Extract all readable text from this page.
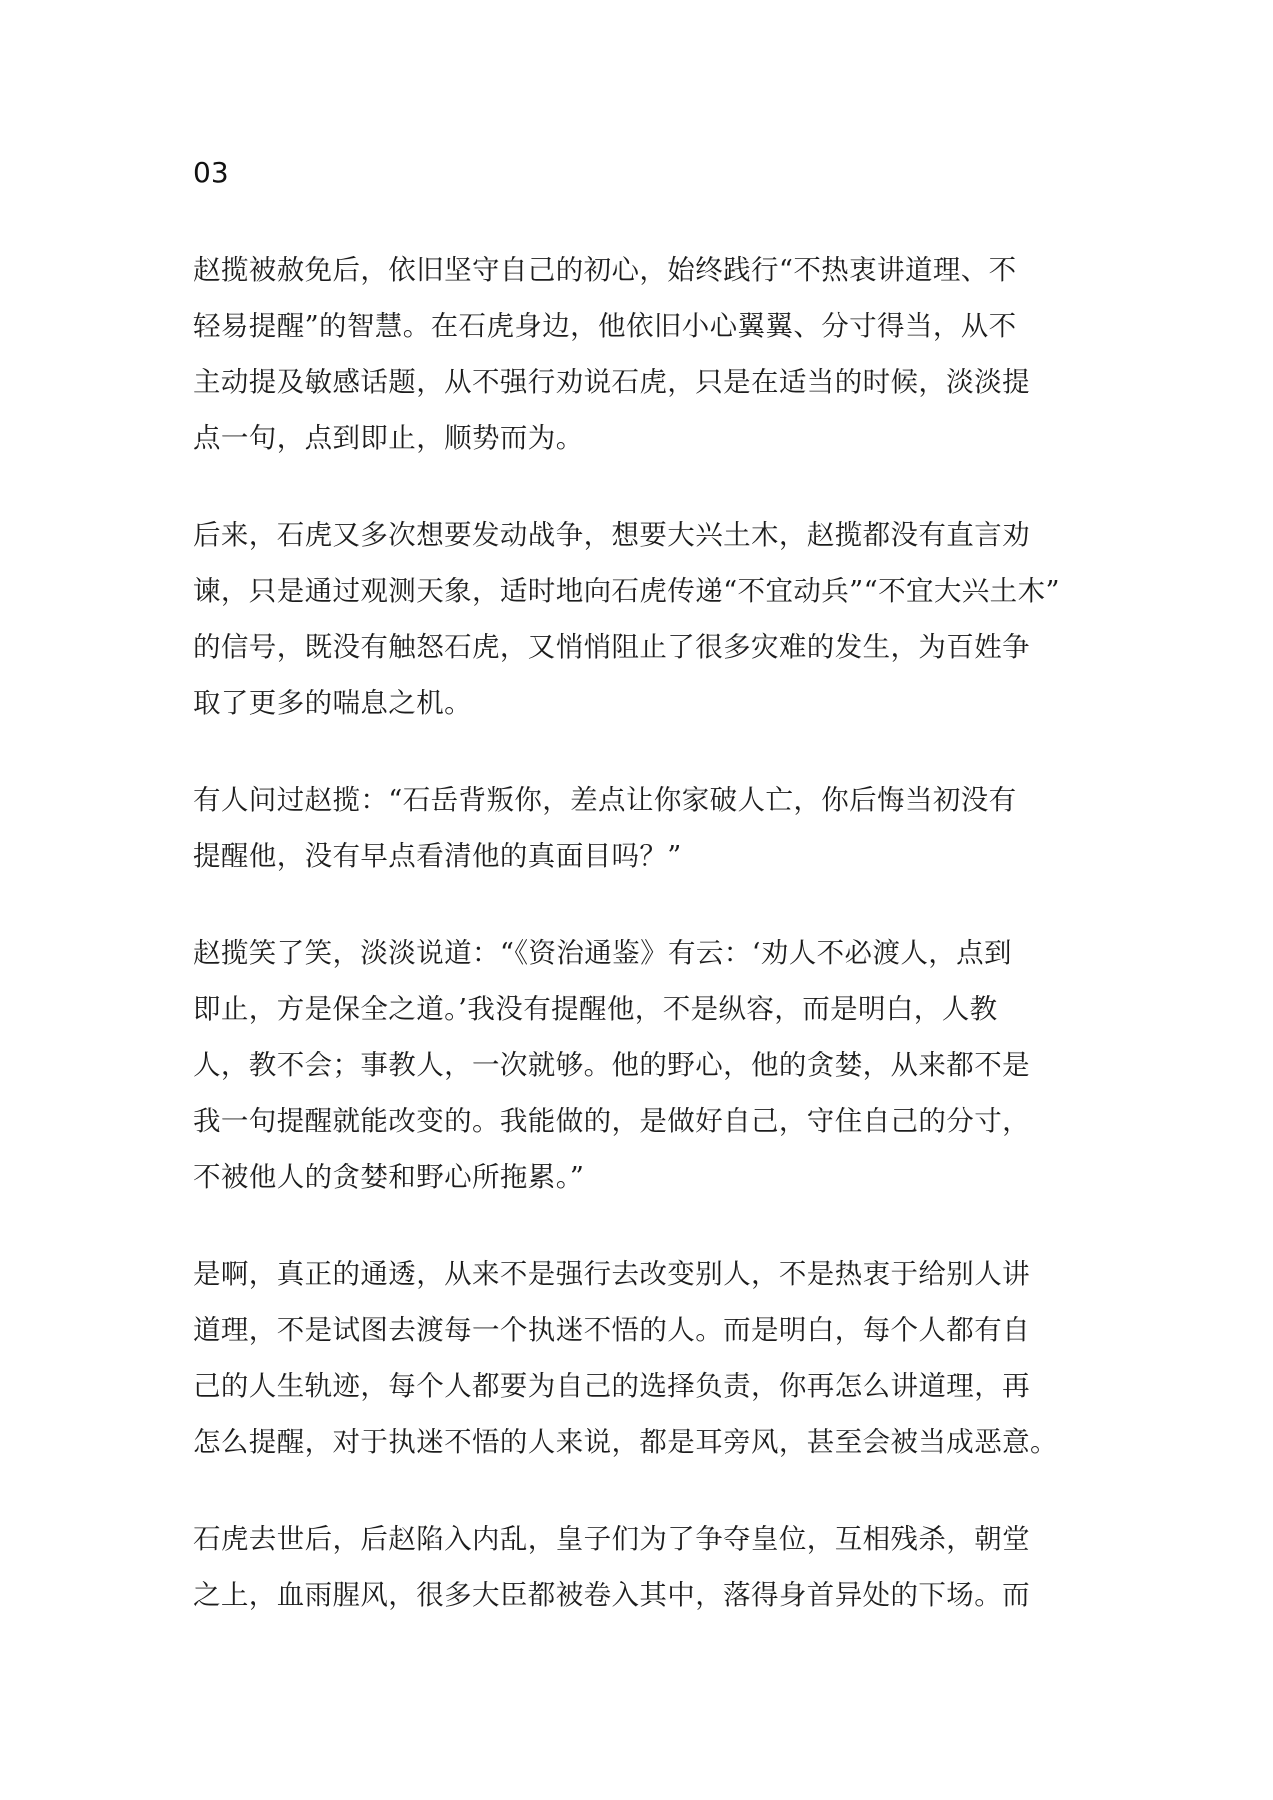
03

赵揽被赦免后，依旧坚守自己的初心，始终践行“不热衷讲道理、不
轻易提醒”的智慧。在石虎身边，他依旧小心翼翼、分寸得当，从不
主动提及敏感话题，从不强行劝说石虎，只是在适当的时候，淡淡提
点一句，点到即止，顺势而为。

后来，石虎又多次想要发动战争，想要大兴土木，赵揽都没有直言劝
谏，只是通过观测天象，适时地向石虎传递“不宜动兵”“不宜大兴土木”
的信号，既没有触怒石虎，又悄悄阻止了很多灾难的发生，为百姓争
取了更多的喘息之机。

有人问过赵揽：“石岳背叛你，差点让你家破人亡，你后悔当初没有
提醒他，没有早点看清他的真面目吗？”

赵揽笑了笑，淡淡说道：“《资治通鉴》有云：‘劝人不必渡人，点到
即止，方是保全之道。’我没有提醒他，不是纵容，而是明白，人教
人，教不会；事教人，一次就够。他的野心，他的贪婪，从来都不是
我一句提醒就能改变的。我能做的，是做好自己，守住自己的分寸，
不被他人的贪婪和野心所拖累。”

是啊，真正的通透，从来不是强行去改变别人，不是热衷于给别人讲
道理，不是试图去渡每一个执迷不悟的人。而是明白，每个人都有自
己的人生轨迹，每个人都要为自己的选择负责，你再怎么讲道理，再
怎么提醒，对于执迷不悟的人来说，都是耳旁风，甚至会被当成恶意。

石虎去世后，后赵陷入内乱，皇子们为了争夺皇位，互相残杀，朝堂
之上，血雨腥风，很多大臣都被卷入其中，落得身首异处的下场。而
